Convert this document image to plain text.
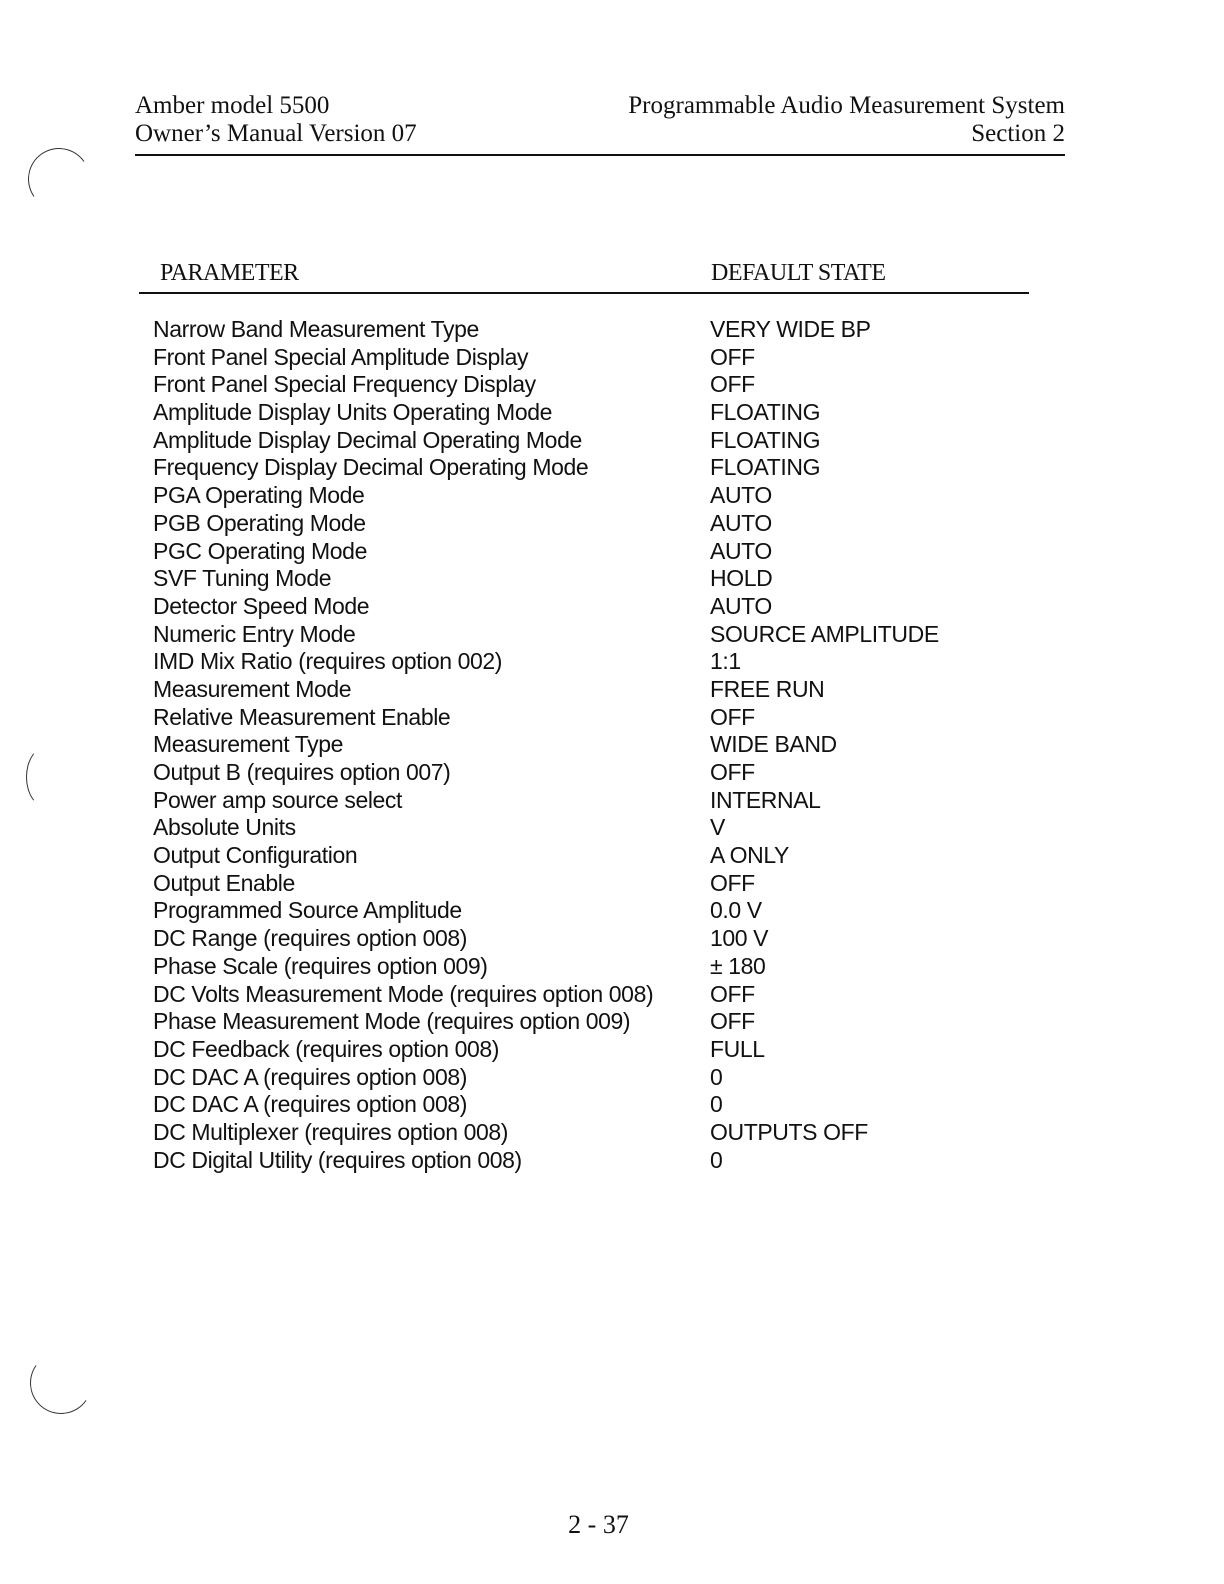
Amber model 5500
Owner’s Manual Version 07
Programmable Audio Measurement System
Section 2
PARAMETER	DEFAULT STATE
Narrow Band Measurement Type	VERY WIDE BP
Front Panel Special Amplitude Display	OFF
Front Panel Special Frequency Display	OFF
Amplitude Display Units Operating Mode	FLOATING
Amplitude Display Decimal Operating Mode	FLOATING
Frequency Display Decimal Operating Mode	FLOATING
PGA Operating Mode	AUTO
PGB Operating Mode	AUTO
PGC Operating Mode	AUTO
SVF Tuning Mode	HOLD
Detector Speed Mode	AUTO
Numeric Entry Mode	SOURCE AMPLITUDE
IMD Mix Ratio (requires option 002)	1:1
Measurement Mode	FREE RUN
Relative Measurement Enable	OFF
Measurement Type	WIDE BAND
Output B (requires option 007)	OFF
Power amp source select	INTERNAL
Absolute Units	V
Output Configuration	A ONLY
Output Enable	OFF
Programmed Source Amplitude	0.0 V
DC Range (requires option 008)	100 V
Phase Scale (requires option 009)	± 180
DC Volts Measurement Mode (requires option 008) OFF
Phase Measurement Mode (requires option 009)	OFF
DC Feedback (requires option 008)	FULL
DC DAC A (requires option 008)	0
DC DAC A (requires option 008)	0
DC Multiplexer (requires option 008)	OUTPUTS OFF
DC Digital Utility (requires option 008)	0
2 - 37
